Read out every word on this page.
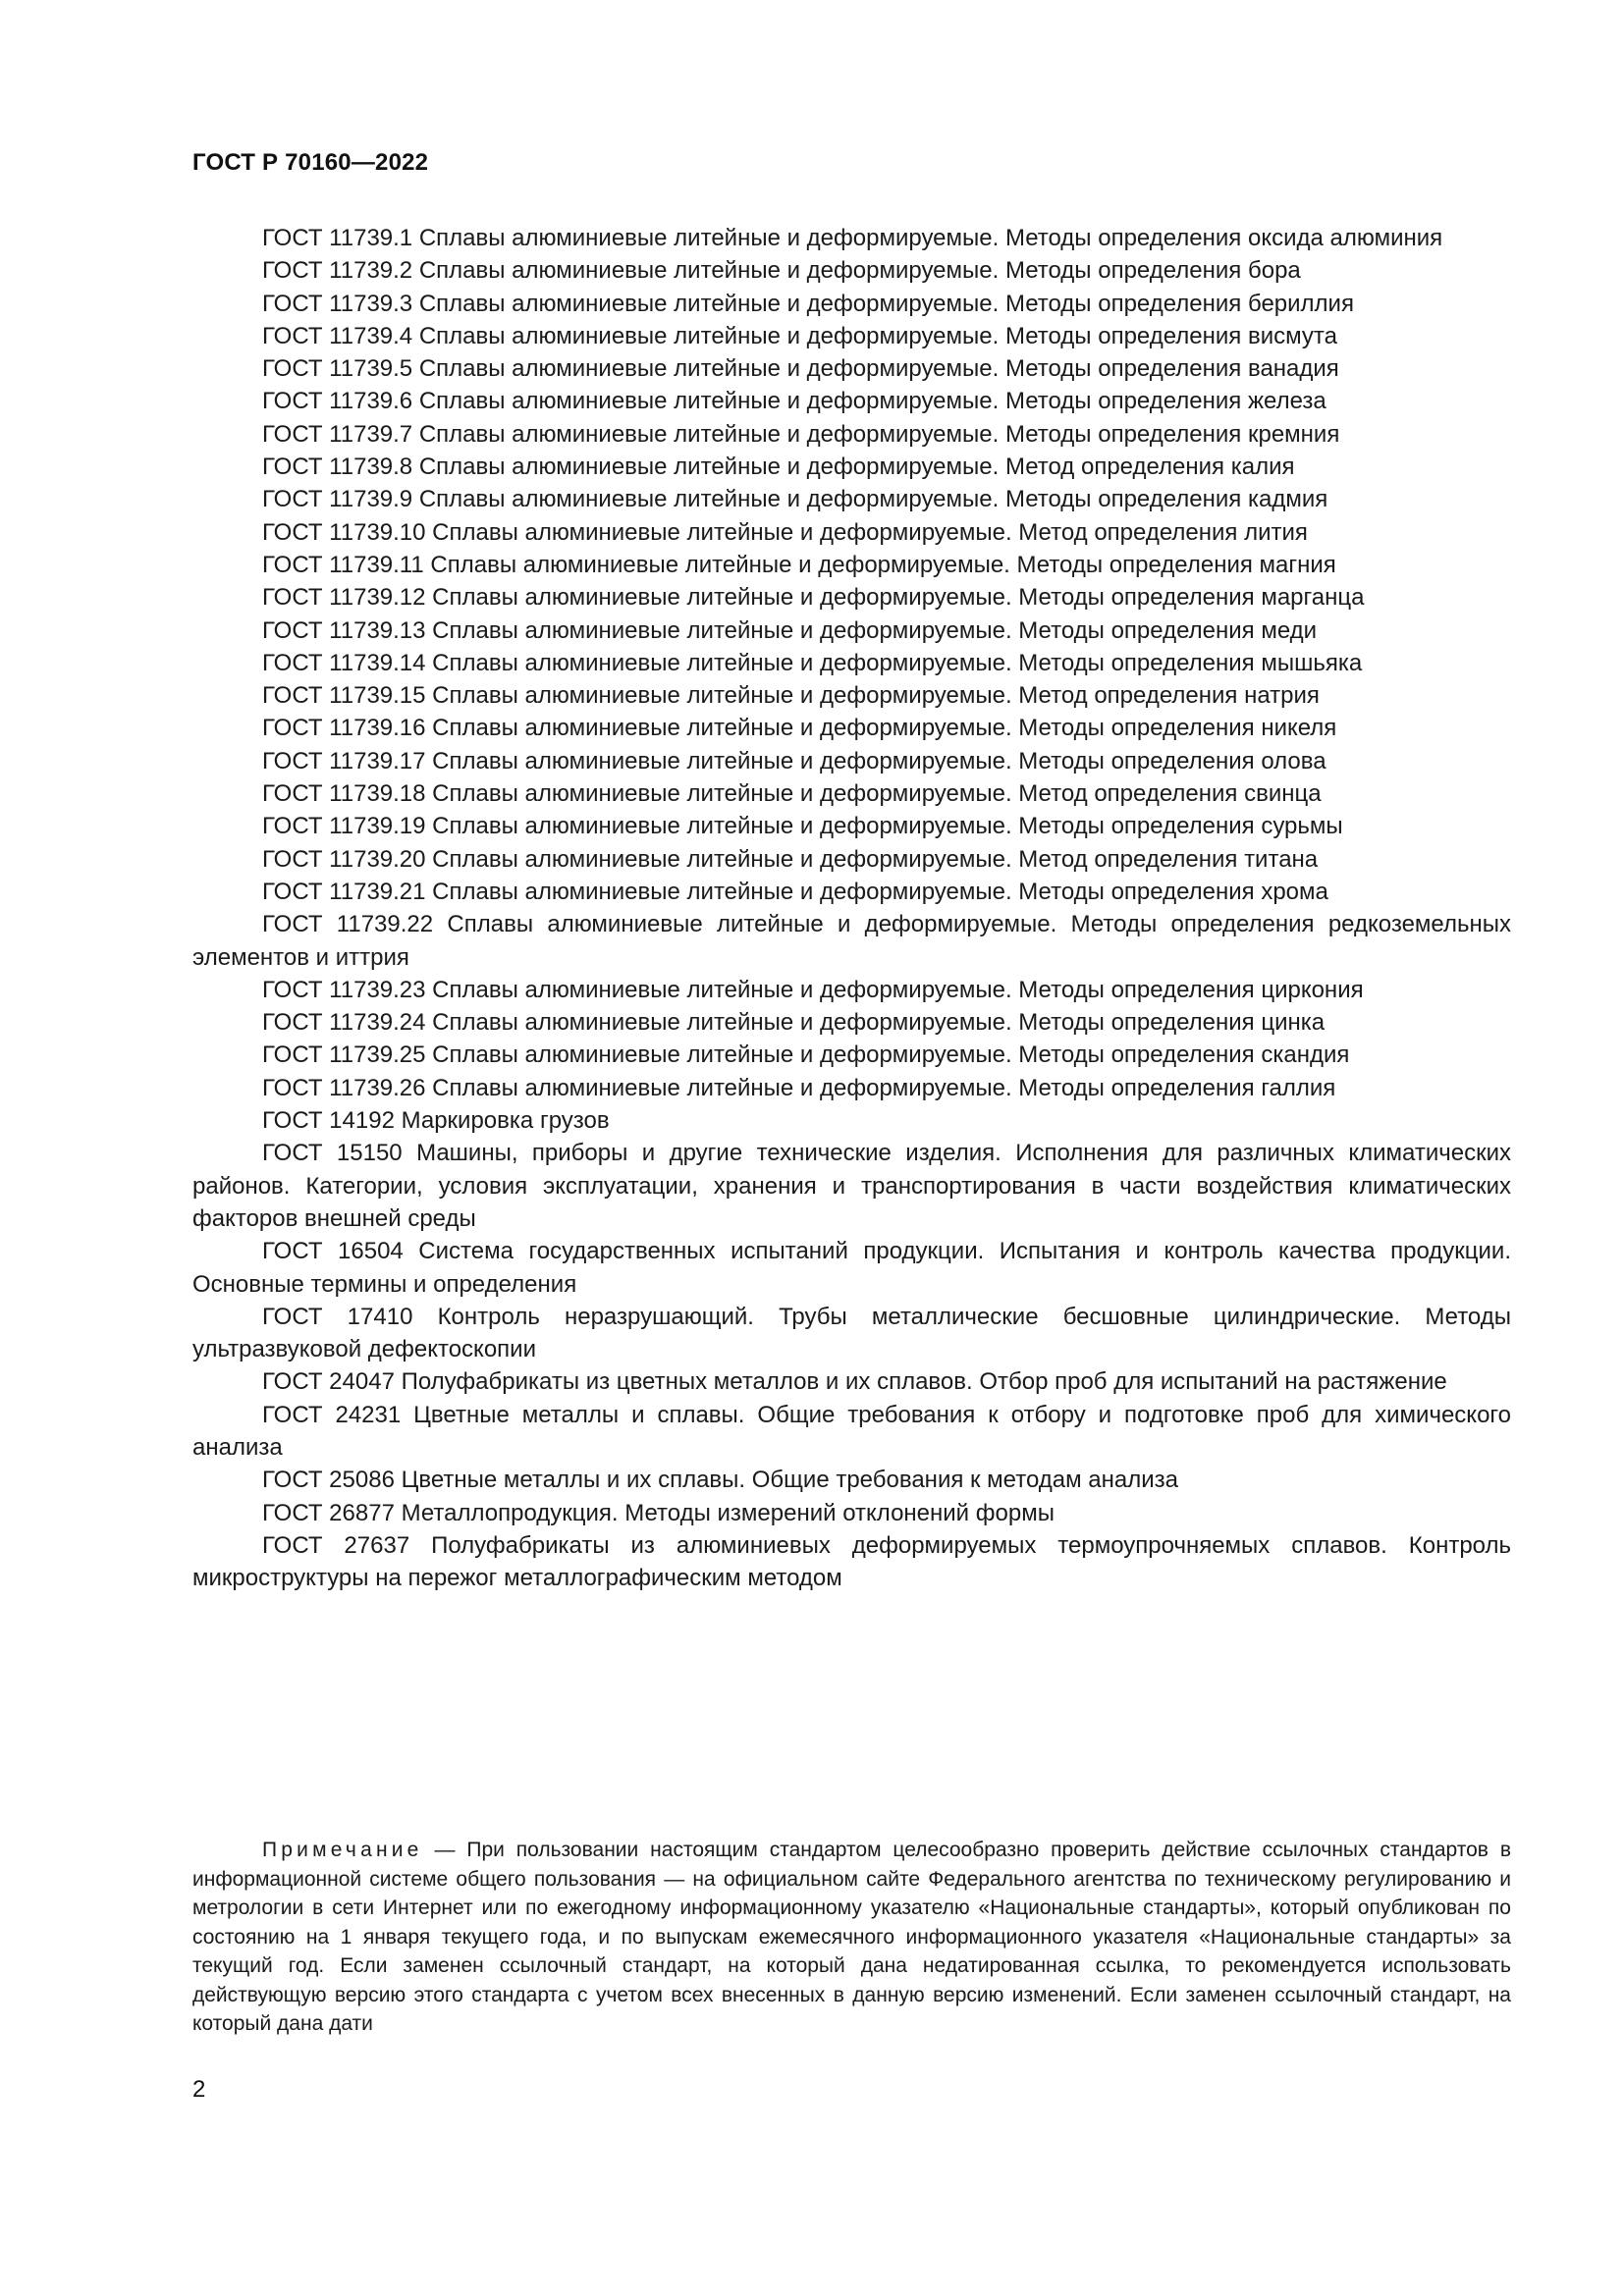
ГОСТ Р 70160—2022

ГОСТ 11739.1 Сплавы алюминиевые литейные и деформируемые. Методы определения оксида алюминия

ГОСТ 11739.2 Сплавы алюминиевые литейные и деформируемые. Методы определения бора

ГОСТ 11739.3 Сплавы алюминиевые литейные и деформируемые. Методы определения бериллия

ГОСТ 11739.4 Сплавы алюминиевые литейные и деформируемые. Методы определения висмута

ГОСТ 11739.5 Сплавы алюминиевые литейные и деформируемые. Методы определения ванадия

ГОСТ 11739.6 Сплавы алюминиевые литейные и деформируемые. Методы определения железа

ГОСТ 11739.7 Сплавы алюминиевые литейные и деформируемые. Методы определения кремния

ГОСТ 11739.8 Сплавы алюминиевые литейные и деформируемые. Метод определения калия

ГОСТ 11739.9 Сплавы алюминиевые литейные и деформируемые. Методы определения кадмия

ГОСТ 11739.10 Сплавы алюминиевые литейные и деформируемые. Метод определения лития

ГОСТ 11739.11 Сплавы алюминиевые литейные и деформируемые. Методы определения магния

ГОСТ 11739.12 Сплавы алюминиевые литейные и деформируемые. Методы определения марганца

ГОСТ 11739.13 Сплавы алюминиевые литейные и деформируемые. Методы определения меди

ГОСТ 11739.14 Сплавы алюминиевые литейные и деформируемые. Методы определения мышьяка

ГОСТ 11739.15 Сплавы алюминиевые литейные и деформируемые. Метод определения натрия

ГОСТ 11739.16 Сплавы алюминиевые литейные и деформируемые. Методы определения никеля

ГОСТ 11739.17 Сплавы алюминиевые литейные и деформируемые. Методы определения олова

ГОСТ 11739.18 Сплавы алюминиевые литейные и деформируемые. Метод определения свинца

ГОСТ 11739.19 Сплавы алюминиевые литейные и деформируемые. Методы определения сурьмы

ГОСТ 11739.20 Сплавы алюминиевые литейные и деформируемые. Метод определения титана

ГОСТ 11739.21 Сплавы алюминиевые литейные и деформируемые. Методы определения хрома

ГОСТ 11739.22 Сплавы алюминиевые литейные и деформируемые. Методы определения редкоземельных элементов и иттрия

ГОСТ 11739.23 Сплавы алюминиевые литейные и деформируемые. Методы определения циркония

ГОСТ 11739.24 Сплавы алюминиевые литейные и деформируемые. Методы определения цинка

ГОСТ 11739.25 Сплавы алюминиевые литейные и деформируемые. Методы определения скандия

ГОСТ 11739.26 Сплавы алюминиевые литейные и деформируемые. Методы определения галлия

ГОСТ 14192 Маркировка грузов

ГОСТ 15150 Машины, приборы и другие технические изделия. Исполнения для различных климатических районов. Категории, условия эксплуатации, хранения и транспортирования в части воздействия климатических факторов внешней среды

ГОСТ 16504 Система государственных испытаний продукции. Испытания и контроль качества продукции. Основные термины и определения

ГОСТ 17410 Контроль неразрушающий. Трубы металлические бесшовные цилиндрические. Методы ультразвуковой дефектоскопии

ГОСТ 24047 Полуфабрикаты из цветных металлов и их сплавов. Отбор проб для испытаний на растяжение

ГОСТ 24231 Цветные металлы и сплавы. Общие требования к отбору и подготовке проб для химического анализа

ГОСТ 25086 Цветные металлы и их сплавы. Общие требования к методам анализа

ГОСТ 26877 Металлопродукция. Методы измерений отклонений формы

ГОСТ 27637 Полуфабрикаты из алюминиевых деформируемых термоупрочняемых сплавов. Контроль микроструктуры на пережог металлографическим методом

Примечание — При пользовании настоящим стандартом целесообразно проверить действие ссылочных стандартов в информационной системе общего пользования — на официальном сайте Федерального агентства по техническому регулированию и метрологии в сети Интернет или по ежегодному информационному указателю «Национальные стандарты», который опубликован по состоянию на 1 января текущего года, и по выпускам ежемесячного информационного указателя «Национальные стандарты» за текущий год. Если заменен ссылочный стандарт, на который дана недатированная ссылка, то рекомендуется использовать действующую версию этого стандарта с учетом всех внесенных в данную версию изменений. Если заменен ссылочный стандарт, на который дана дати

2
